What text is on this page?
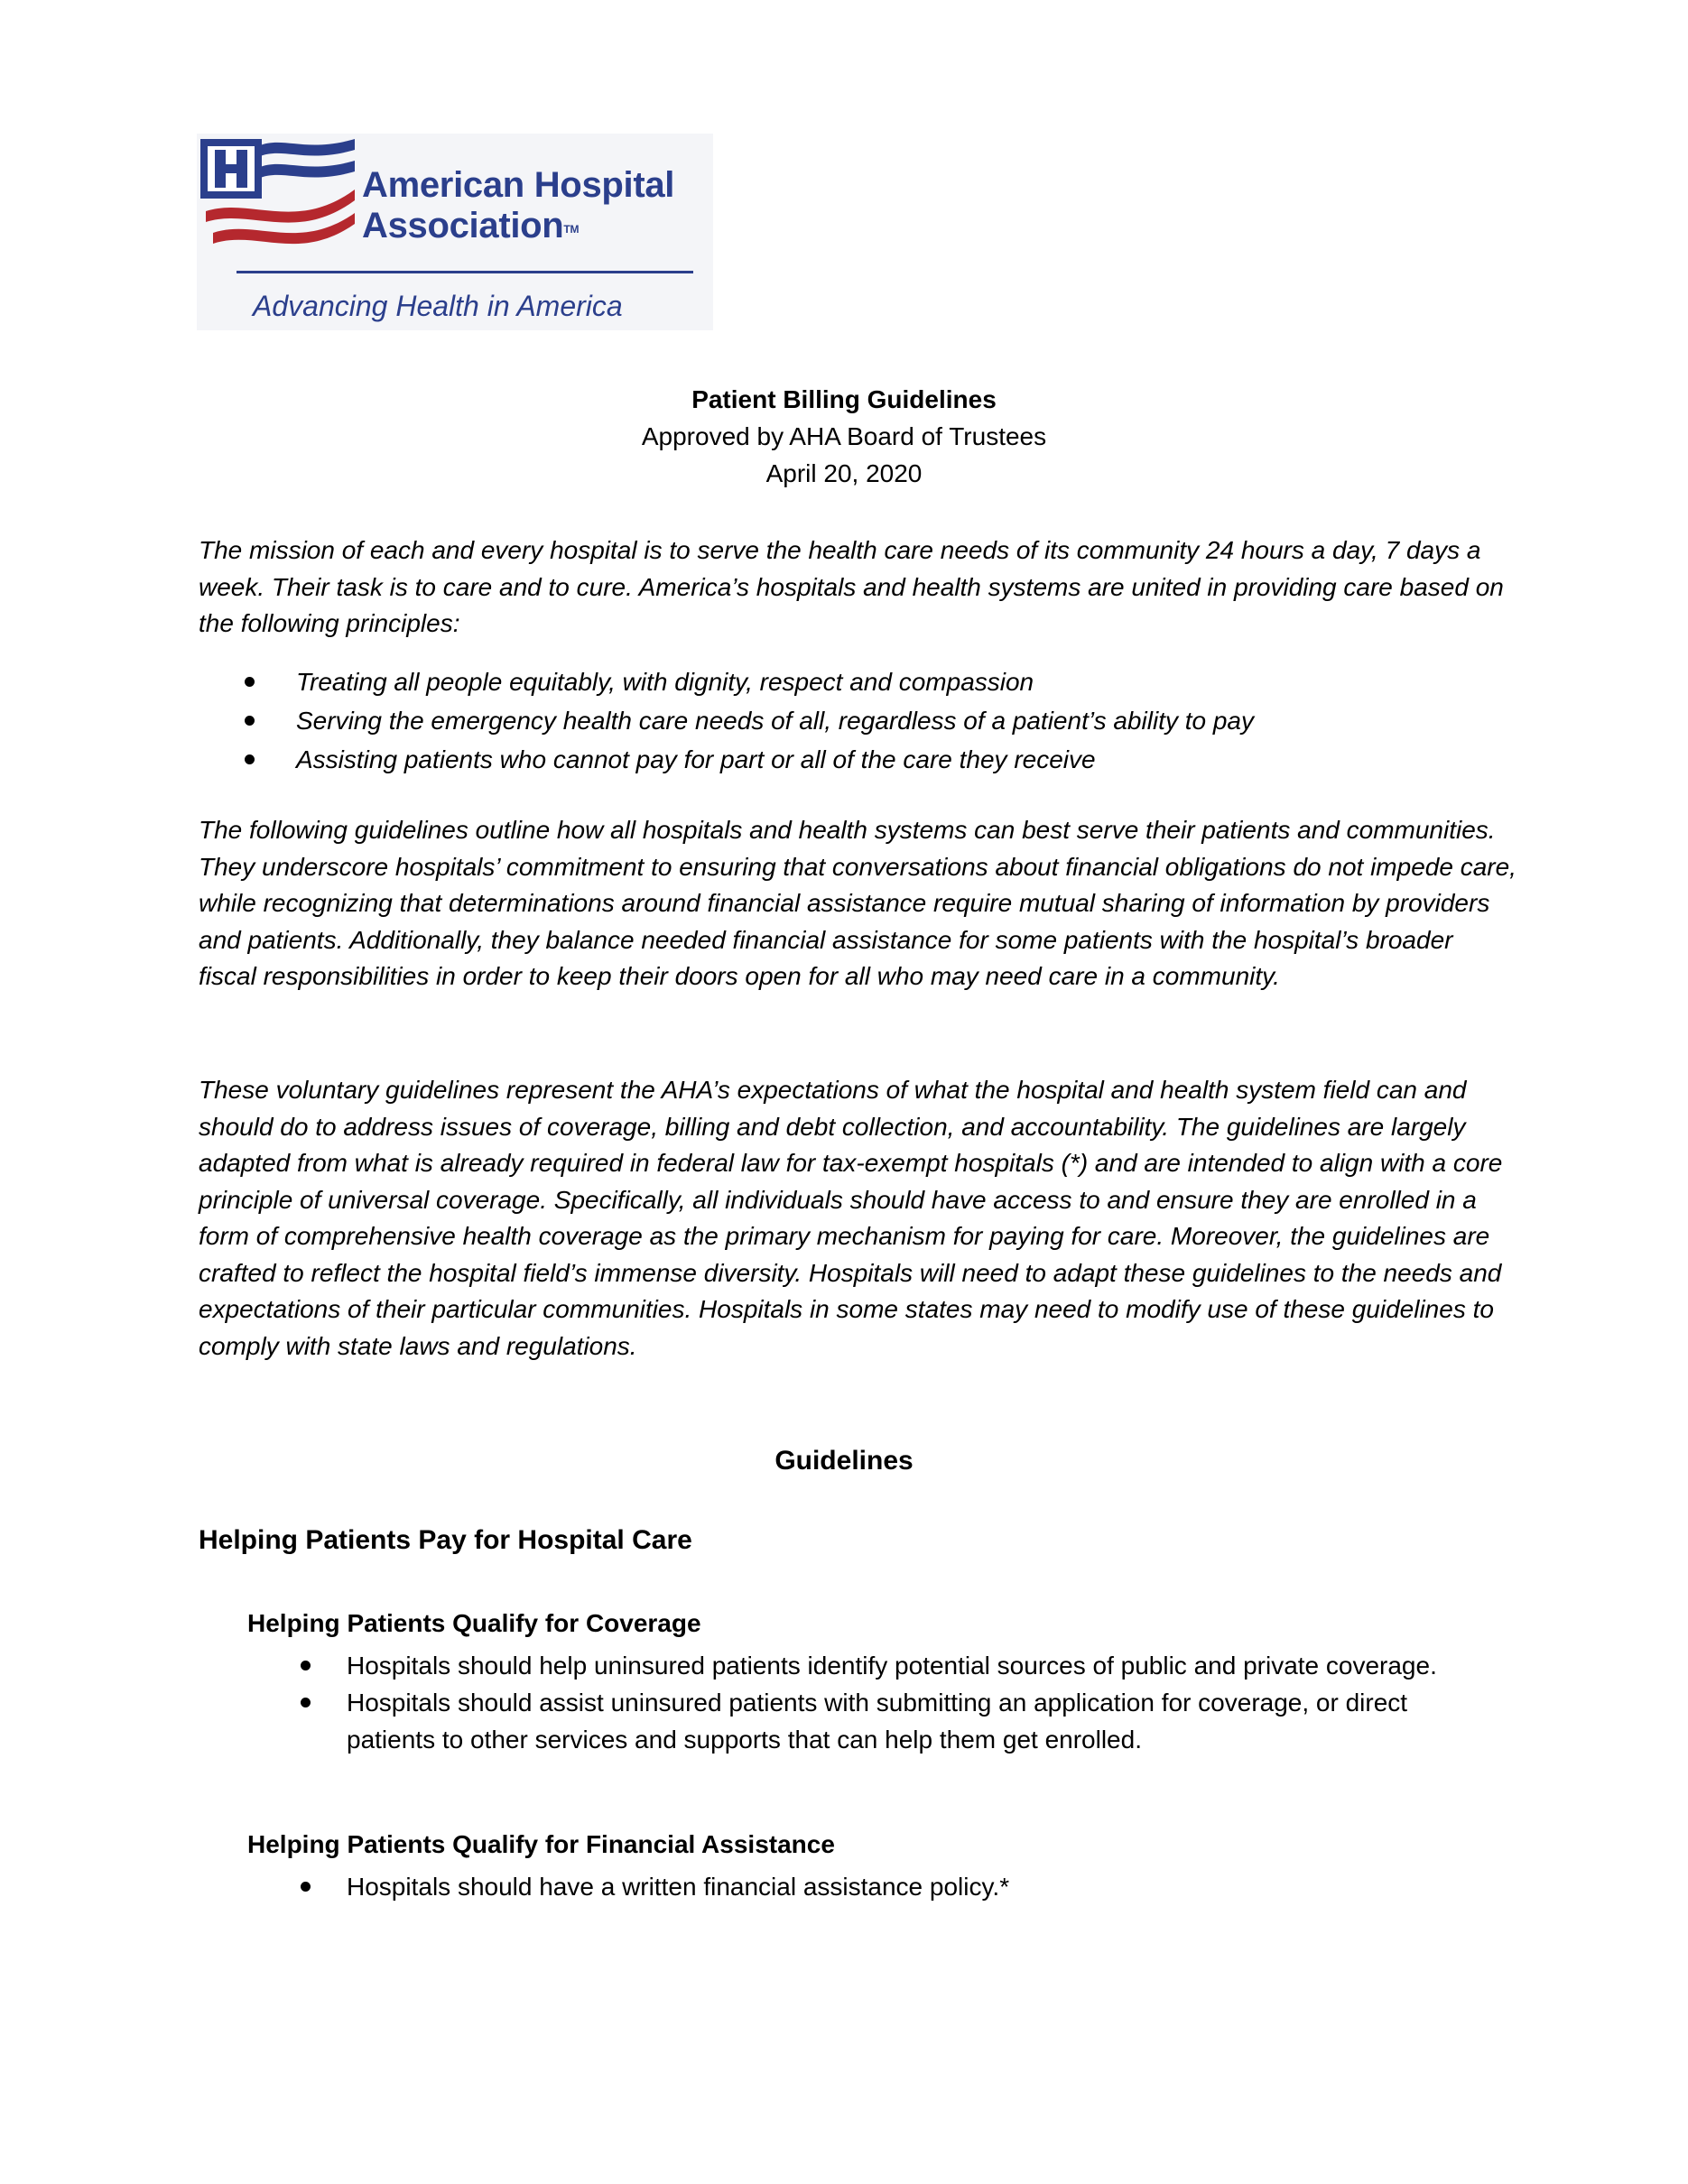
American Hospital
Association™

Advancing Health in America

Patient Billing Guidelines
Approved by AHA Board of Trustees
April 20, 2020

The mission of each and every hospital is to serve the health care needs of its community 24 hours a day, 7 days a week. Their task is to care and to cure. America’s hospitals and health systems are united in providing care based on the following principles:

Treating all people equitably, with dignity, respect and compassion
Serving the emergency health care needs of all, regardless of a patient’s ability to pay
Assisting patients who cannot pay for part or all of the care they receive

The following guidelines outline how all hospitals and health systems can best serve their patients and communities. They underscore hospitals’ commitment to ensuring that conversations about financial obligations do not impede care, while recognizing that determinations around financial assistance require mutual sharing of information by providers and patients. Additionally, they balance needed financial assistance for some patients with the hospital’s broader fiscal responsibilities in order to keep their doors open for all who may need care in a community.

These voluntary guidelines represent the AHA’s expectations of what the hospital and health system field can and should do to address issues of coverage, billing and debt collection, and accountability. The guidelines are largely adapted from what is already required in federal law for tax-exempt hospitals (*) and are intended to align with a core principle of universal coverage. Specifically, all individuals should have access to and ensure they are enrolled in a form of comprehensive health coverage as the primary mechanism for paying for care. Moreover, the guidelines are crafted to reflect the hospital field’s immense diversity. Hospitals will need to adapt these guidelines to the needs and expectations of their particular communities. Hospitals in some states may need to modify use of these guidelines to comply with state laws and regulations.

Guidelines
Helping Patients Pay for Hospital Care
Helping Patients Qualify for Coverage
Hospitals should help uninsured patients identify potential sources of public and private coverage.
Hospitals should assist uninsured patients with submitting an application for coverage, or direct patients to other services and supports that can help them get enrolled.
Helping Patients Qualify for Financial Assistance
Hospitals should have a written financial assistance policy.*
